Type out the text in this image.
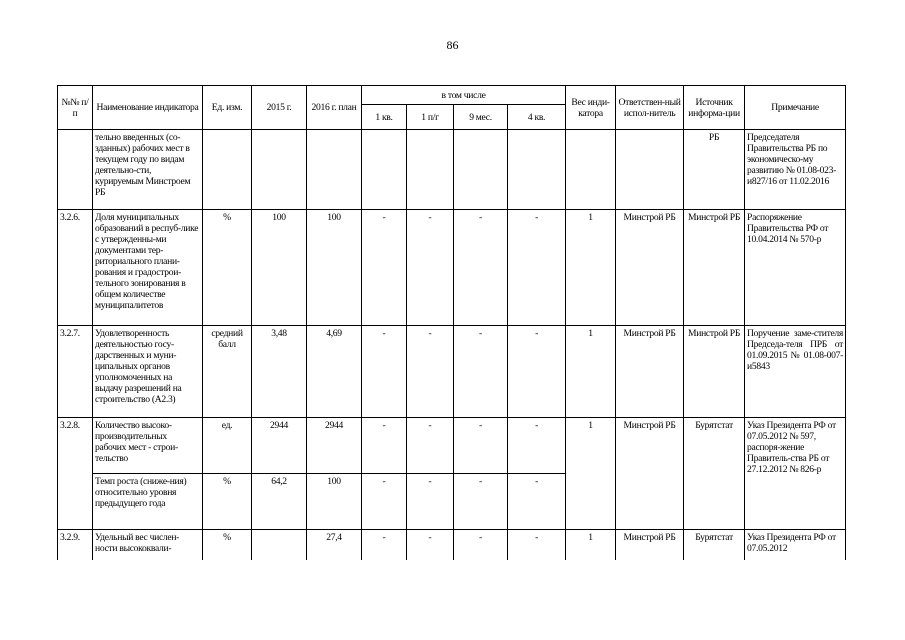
86
№№ п/п	Наименование индикатора	Ед. изм.	2015 г.	2016 г. план	в том числе				Вес инди-катора	Ответствен-ный испол-нитель	Источник информа-ции	Примечание
					1 кв.	1 п/г	9 мес.	4 кв.				
	тельно введенных (со-зданных) рабочих мест в текущем году по видам деятельно-сти, курируемым Минстроем РБ										РБ	Председателя Правительства РБ по экономическо-му развитию № 01.08-023-и827/16 от 11.02.2016
3.2.6.	Доля муниципальных образований в респуб-лике с утвержденны-ми документами тер-риториального плани-рования и градострои-тельного зонирования в общем количестве муниципалитетов	%	100	100	-	-	-	-	1	Минстрой РБ	Минстрой РБ	Распоряжение Правительства РФ от 10.04.2014 № 570-р
3.2.7.	Удовлетворенность деятельностью госу-дарственных и муни-ципальных органов уполномоченных на выдачу разрешений на строительство (А2.3)	средний балл	3,48	4,69	-	-	-	-	1	Минстрой РБ	Минстрой РБ	Поручение заме-стителя Председа-теля ПРБ от 01.09.2015 № 01.08-007-и5843
3.2.8.	Количество высоко-производительных рабочих мест - строи-тельство	ед.	2944	2944	-	-	-	-	1	Минстрой РБ	Бурятстат	Указ Президента РФ от 07.05.2012 № 597, распоря-жение Правитель-ства РБ от 27.12.2012 № 826-р
	Темп роста (сниже-ния) относительно уровня предыдущего года	%	64,2	100	-	-	-	-				
3.2.9.	Удельный вес числен-ности высококвали-	%		27,4	-	-	-	-	1	Минстрой РБ	Бурятстат	Указ Президента РФ от 07.05.2012
